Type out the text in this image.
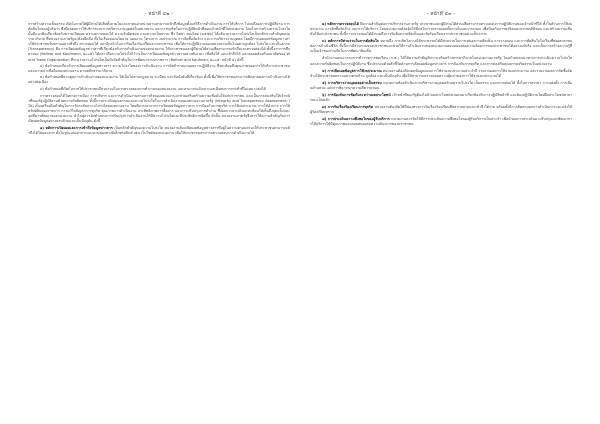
- หน้าที่ ๔๒ -

การสร้างความเป็นธรรม เปิดโอกาสให้ผู้มีส่วนได้เสียทั้งภายในและภายนอกหน่วยงานสามารถเข้าถึงข้อมูลตั้งแต่วิธีการดำเนินงาน การให้บริการ ไปจนถึงผลการปฏิบัติงาน การตัดสินใจของผู้บริหาร ซึ่งมีผลต่อการให้บริการและการบริหารงานบุคคลในหน่วยงาน และการทุจริตในการปฏิบัติหน้าที่ของเจ้าหน้าที่ในหน่วยงาน โดยในการสร้างความโปร่งใสนั้นมีแนวคิดเกี่ยวข้องกับความเปิดเผย ความตรวจสอบได้ ความรับผิดชอบ และความเป็นธรรม ซึ่ง นิตยา ทองไทย (๒๕๕๒) ได้อธิบายว่าความโปร่งใสเป็นหลักการสำคัญของธรรมาภิบาล ที่หน่วยงานภาครัฐจะต้องยึดถือ ทั้งในเรื่องของนโยบาย แผนงาน โครงการ งบประมาณ การจัดซื้อจัดจ้าง และการบริหารงานบุคคล โดยมีการเผยแพร่ข้อมูลข่าวสารให้ประชาชนรับทราบอย่างทั่วถึง ตรวจสอบได้ และมีกลไกในการรับเรื่องร้องเรียนจากประชาชน เพื่อให้การปฏิบัติงานของหน่วยงานเป็นไปอย่างถูกต้อง โปร่งใส และเป็นธรรม (Transparency) คือ การเปิดเผยข้อมูลข่าวสารที่เกี่ยวข้องกับการดำเนินงานของหน่วยงาน ให้ประชาชนและผู้มีส่วนได้ส่วนเสียสามารถเข้าถึงและตรวจสอบได้ ทั้งนี้จากการศึกษาของ (Bellver and Kaufmann, ๒๐๐๕) ได้กล่าวถึงความโปร่งใสไว้ว่าเป็นการเปิดเผยข้อมูลข่าวสารอย่างทันเวลา เชื่อถือได้ และเข้าถึงได้ และสอดคล้องกับแนวคิดของ World Trade Organization ที่ระบุว่าความโปร่งใสเป็นปัจจัยสำคัญในการพัฒนาระบบราชการ (Bellver and Kaufman, ๒๐๐๕: หน้าที่ ๔) ดังนี้

๑) ข้อกำหนดเกี่ยวกับการเปิดเผยข้อมูลข่าวสาร ความโปร่งใสของการดำเนินงาน การจัดทำรายงานผลการปฏิบัติงาน ซึ่งสะท้อนถึงคุณภาพของการให้บริการประชาชน และความน่าเชื่อถือของหน่วยงาน ตามหลักธรรมาภิบาล

๒) ข้อกำหนดที่ควบคุมการดำเนินงานของหน่วยงาน ให้เป็นไปตามกฎหมาย ระเบียบ และข้อบังคับที่เกี่ยวข้อง ทั้งนี้เพื่อให้ประชาชนสามารถติดตามผลการดำเนินงานได้อย่างต่อเนื่อง

๓) ข้อกำหนดที่เปิดโอกาสให้ประชาชนมีส่วนร่วมในการตรวจสอบการทำงานของหน่วยงาน และสามารถแจ้งเบาะแสเมื่อพบการกระทำที่ไม่เหมาะสมได้

การตรวจสอบได้ในทางการเมือง การบริหาร และการดำเนินงานตามภารกิจของหน่วยงานจะช่วยเสริมสร้างความเชื่อมั่นให้แก่ประชาชน และเป็นการส่งเสริมให้เจ้าหน้าที่ของรัฐปฏิบัติงานด้วยความรับผิดชอบ ทั้งนี้การประเมินคุณธรรมและความโปร่งใสในการดำเนินงานของหน่วยงานภาครัฐ (Integrity and Transparency Assessment: ITA) เป็นเครื่องมือสำคัญในการวัดระดับความโปร่งใสของหน่วยงาน โดยพิจารณาจากการเปิดเผยข้อมูลข่าวสาร การป้องกันการทุจริต การใช้งบประมาณ การใช้อำนาจ การใช้ทรัพย์สินของราชการ การแก้ไขปัญหาการทุจริต คุณภาพการดำเนินงาน ประสิทธิภาพการสื่อสาร และการปรับปรุงการทำงาน ซึ่งผลการประเมินจะสะท้อนให้เห็นถึงจุดแข็งและจุดที่ควรพัฒนาของหน่วยงาน นำไปสู่การจัดทำแผนการปรับปรุงการดำเนินงานให้มีความโปร่งใสและมีประสิทธิภาพยิ่งขึ้น ดังนั้น หน่วยงานภาครัฐจึงควรให้ความสำคัญกับการเปิดเผยข้อมูลอย่างครบถ้วนและเป็นปัจจุบัน ดังนี้

๑) หลักการเปิดเผยและการเข้าถึงข้อมูลข่าวสาร เป็นหลักสำคัญของความโปร่งใส หน่วยงานต้องเปิดเผยข้อมูลข่าวสารที่อยู่ในความครอบครองให้ประชาชนสามารถเข้าถึงได้โดยสะดวก ทั้งในรูปแบบเอกสารและผ่านช่องทางอิเล็กทรอนิกส์ เช่น เว็บไซต์ของหน่วยงาน เพื่อให้ประชาชนสามารถตรวจสอบการดำเนินงานได้

- หน้าที่ ๔๓ -

๒) หลักการตรวจสอบได้ มีความสำคัญต่อการบริหารงานภาครัฐ ประชาชนและผู้มีส่วนได้ส่วนเสียสามารถตรวจสอบการปฏิบัติงานของเจ้าหน้าที่ได้ ทั้งในด้านการใช้งบประมาณ การจัดซื้อจัดจ้าง และการให้บริการ โดยหน่วยงานต้องจัดให้มีกลไกการตรวจสอบทั้งภายในและภายนอก เพื่อป้องกันการทุจริตและประพฤติมิชอบ และสร้างความเชื่อมั่นให้แก่ประชาชน ทั้งนี้การตรวจสอบได้ยังรวมถึงการรับฟังความคิดเห็นและข้อร้องเรียนจากประชาชนอย่างเป็นระบบ

๓) หลักการมีส่วนร่วมในการตัดสินใจ หมายถึง การเปิดโอกาสให้ประชาชนได้มีส่วนร่วมในการเสนอความคิดเห็น การวางแผน และการตัดสินใจในเรื่องที่ส่งผลกระทบต่อการดำเนินชีวิต ทั้งนี้การมีส่วนร่วมของประชาชนจะช่วยให้การดำเนินงานของหน่วยงานตอบสนองต่อความต้องการของประชาชนได้อย่างแท้จริง และเป็นการสร้างความรู้สึกเป็นเจ้าของร่วมกันในการพัฒนาท้องถิ่น

สำนักงานคณะกรรมการข้าราชการพลเรือน (ก.พ.) ได้ให้ความสำคัญกับการเสริมสร้างธรรมาภิบาลในหน่วยงานภาครัฐ โดยกำหนดแนวทางการประเมินความโปร่งใสและความรับผิดชอบในการปฏิบัติงาน ซึ่งประกอบด้วยตัวชี้วัดด้านการเปิดเผยข้อมูลข่าวสาร การป้องกันการทุจริต และการส่งเสริมคุณธรรมจริยธรรมในหน่วยงาน

๔) การเปิดเผยข้อมูลการใช้งบประมาณ หน่วยงานต้องเปิดเผยข้อมูลแผนการใช้จ่ายงบประมาณประจำปี รายงานผลการใช้จ่ายงบประมาณ และรายงานผลการจัดซื้อจัดจ้างให้ประชาชนทราบอย่างครบถ้วน ถูกต้อง และเป็นปัจจุบัน เพื่อให้สามารถตรวจสอบความคุ้มค่าของการใช้จ่ายงบประมาณได้

๕) การบริหารงานบุคคลอย่างเป็นธรรม หน่วยงานต้องดำเนินการบริหารงานบุคคลด้วยความโปร่งใส เป็นธรรม และตรวจสอบได้ ทั้งในการสรรหา การแต่งตั้ง การเลื่อนตำแหน่ง และการพิจารณาความดีความชอบ

๖) การป้องกันการขัดกันระหว่างผลประโยชน์ เจ้าหน้าที่ของรัฐต้องไม่นำผลประโยชน์ส่วนตนมาเกี่ยวข้องกับการปฏิบัติหน้าที่ และต้องปฏิบัติงานโดยยึดประโยชน์สาธารณะเป็นหลัก

๗) การรับเรื่องร้องเรียนการทุจริต หน่วยงานต้องจัดให้มีช่องทางการรับเรื่องร้องเรียนที่หลากหลายและเข้าถึงได้ง่าย พร้อมทั้งมีการติดตามผลการดำเนินการและแจ้งให้ผู้ร้องเรียนทราบ

๘) การประเมินความพึงพอใจของผู้รับบริการ หน่วยงานควรจัดให้มีการประเมินความพึงพอใจของผู้รับบริการเป็นประจำ เพื่อนำผลการประเมินมาปรับปรุงและพัฒนาการให้บริการให้มีคุณภาพและตอบสนองต่อความต้องการของประชาชน
